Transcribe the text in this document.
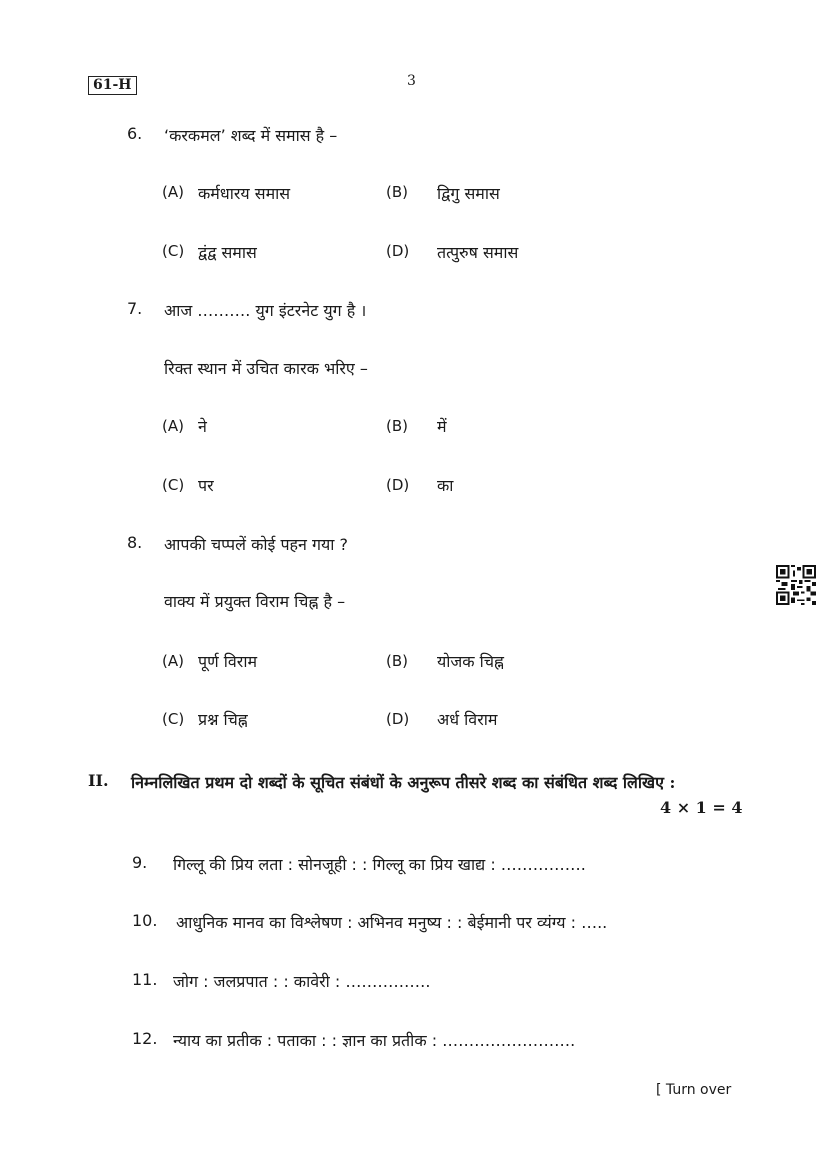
61-H	3
6. ‘करकमल’ शब्द में समास है –
(A) कर्मधारय समास	(B) द्विगु समास
(C) द्वंद्व समास	(D) तत्पुरुष समास
7. आज ………. युग इंटरनेट युग है ।
रिक्त स्थान में उचित कारक भरिए –
(A) ने	(B) में
(C) पर	(D) का
8. आपकी चप्पलें कोई पहन गया ?
वाक्य में प्रयुक्त विराम चिह्न है –
(A) पूर्ण विराम	(B) योजक चिह्न
(C) प्रश्न चिह्न	(D) अर्ध विराम
II. निम्नलिखित प्रथम दो शब्दों के सूचित संबंधों के अनुरूप तीसरे शब्द का संबंधित शब्द लिखिए :
4 × 1 = 4
9. गिल्लू की प्रिय लता : सोनजूही : : गिल्लू का प्रिय खाद्य : …………….
10. आधुनिक मानव का विश्लेषण : अभिनव मनुष्य : : बेईमानी पर व्यंग्य : …..
11. जोग : जलप्रपात : : कावेरी : …………….
12. न्याय का प्रतीक : पताका : : ज्ञान का प्रतीक : …………………….
[ Turn over
